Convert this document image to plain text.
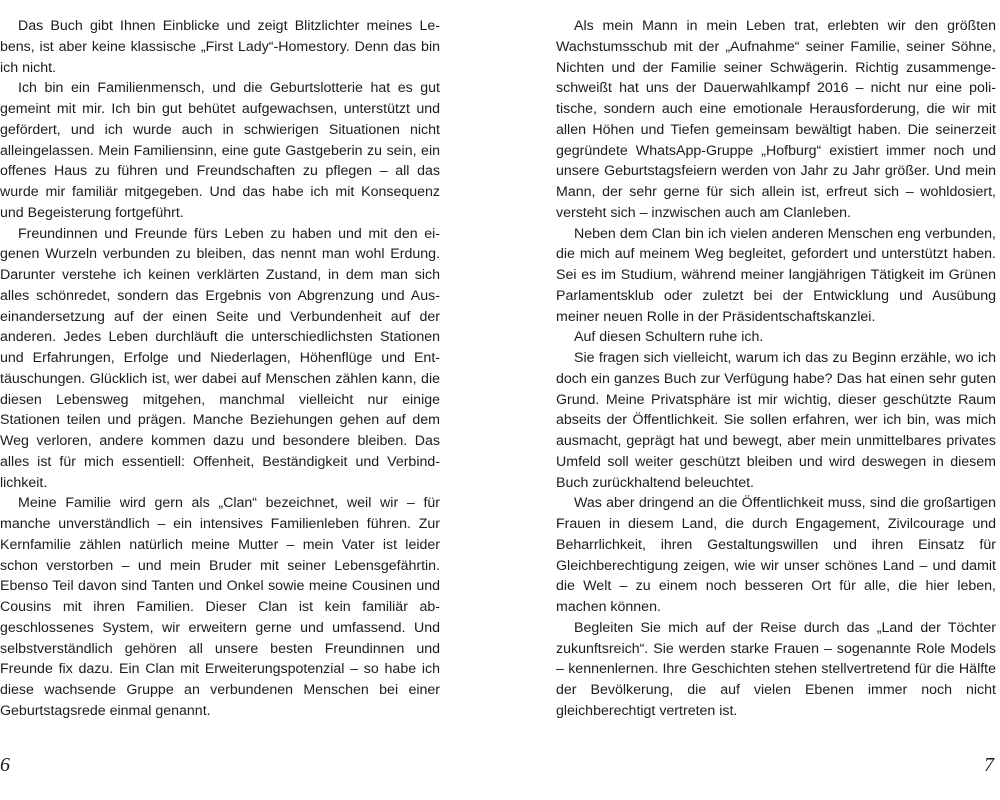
Das Buch gibt Ihnen Einblicke und zeigt Blitzlichter meines Lebens, ist aber keine klassische „First Lady“-Homestory. Denn das bin ich nicht.

Ich bin ein Familienmensch, und die Geburtslotterie hat es gut gemeint mit mir. Ich bin gut behütet aufgewachsen, unterstützt und gefördert, und ich wurde auch in schwierigen Situationen nicht alleingelassen. Mein Familiensinn, eine gute Gastgeberin zu sein, ein offenes Haus zu führen und Freundschaften zu pflegen – all das wurde mir familiär mitgegeben. Und das habe ich mit Konsequenz und Begeisterung fortgeführt.

Freundinnen und Freunde fürs Leben zu haben und mit den eigenen Wurzeln verbunden zu bleiben, das nennt man wohl Erdung. Darunter verstehe ich keinen verklärten Zustand, in dem man sich alles schönredet, sondern das Ergebnis von Abgrenzung und Auseinandersetzung auf der einen Seite und Verbundenheit auf der anderen. Jedes Leben durchläuft die unterschiedlichsten Stationen und Erfahrungen, Erfolge und Niederlagen, Höhenflüge und Enttäuschungen. Glücklich ist, wer dabei auf Menschen zählen kann, die diesen Lebensweg mitgehen, manchmal vielleicht nur einige Stationen teilen und prägen. Manche Beziehungen gehen auf dem Weg verloren, andere kommen dazu und besondere bleiben. Das alles ist für mich essentiell: Offenheit, Beständigkeit und Verbindlichkeit.

Meine Familie wird gern als „Clan“ bezeichnet, weil wir – für manche unverständlich – ein intensives Familienleben führen. Zur Kernfamilie zählen natürlich meine Mutter – mein Vater ist leider schon verstorben – und mein Bruder mit seiner Lebensgefährtin. Ebenso Teil davon sind Tanten und Onkel sowie meine Cousinen und Cousins mit ihren Familien. Dieser Clan ist kein familiär abgeschlossenes System, wir erweitern gerne und umfassend. Und selbstverständlich gehören all unsere besten Freundinnen und Freunde fix dazu. Ein Clan mit Erweiterungspotenzial – so habe ich diese wachsende Gruppe an verbundenen Menschen bei einer Geburtstagsrede einmal genannt.

Als mein Mann in mein Leben trat, erlebten wir den größten Wachstumsschub mit der „Aufnahme“ seiner Familie, seiner Söhne, Nichten und der Familie seiner Schwägerin. Richtig zusammengeschweißt hat uns der Dauerwahlkampf 2016 – nicht nur eine politische, sondern auch eine emotionale Herausforderung, die wir mit allen Höhen und Tiefen gemeinsam bewältigt haben. Die seinerzeit gegründete WhatsApp-Gruppe „Hofburg“ existiert immer noch und unsere Geburtstagsfeiern werden von Jahr zu Jahr größer. Und mein Mann, der sehr gerne für sich allein ist, erfreut sich – wohldosiert, versteht sich – inzwischen auch am Clanleben.

Neben dem Clan bin ich vielen anderen Menschen eng verbunden, die mich auf meinem Weg begleitet, gefordert und unterstützt haben. Sei es im Studium, während meiner langjährigen Tätigkeit im Grünen Parlamentsklub oder zuletzt bei der Entwicklung und Ausübung meiner neuen Rolle in der Präsidentschaftskanzlei.

Auf diesen Schultern ruhe ich.

Sie fragen sich vielleicht, warum ich das zu Beginn erzähle, wo ich doch ein ganzes Buch zur Verfügung habe? Das hat einen sehr guten Grund. Meine Privatsphäre ist mir wichtig, dieser geschützte Raum abseits der Öffentlichkeit. Sie sollen erfahren, wer ich bin, was mich ausmacht, geprägt hat und bewegt, aber mein unmittelbares privates Umfeld soll weiter geschützt bleiben und wird deswegen in diesem Buch zurückhaltend beleuchtet.

Was aber dringend an die Öffentlichkeit muss, sind die großartigen Frauen in diesem Land, die durch Engagement, Zivilcourage und Beharrlichkeit, ihren Gestaltungswillen und ihren Einsatz für Gleichberechtigung zeigen, wie wir unser schönes Land – und damit die Welt – zu einem noch besseren Ort für alle, die hier leben, machen können.

Begleiten Sie mich auf der Reise durch das „Land der Töchter zukunftsreich“. Sie werden starke Frauen – sogenannte Role Models – kennenlernen. Ihre Geschichten stehen stellvertretend für die Hälfte der Bevölkerung, die auf vielen Ebenen immer noch nicht gleichberechtigt vertreten ist.

6	7
